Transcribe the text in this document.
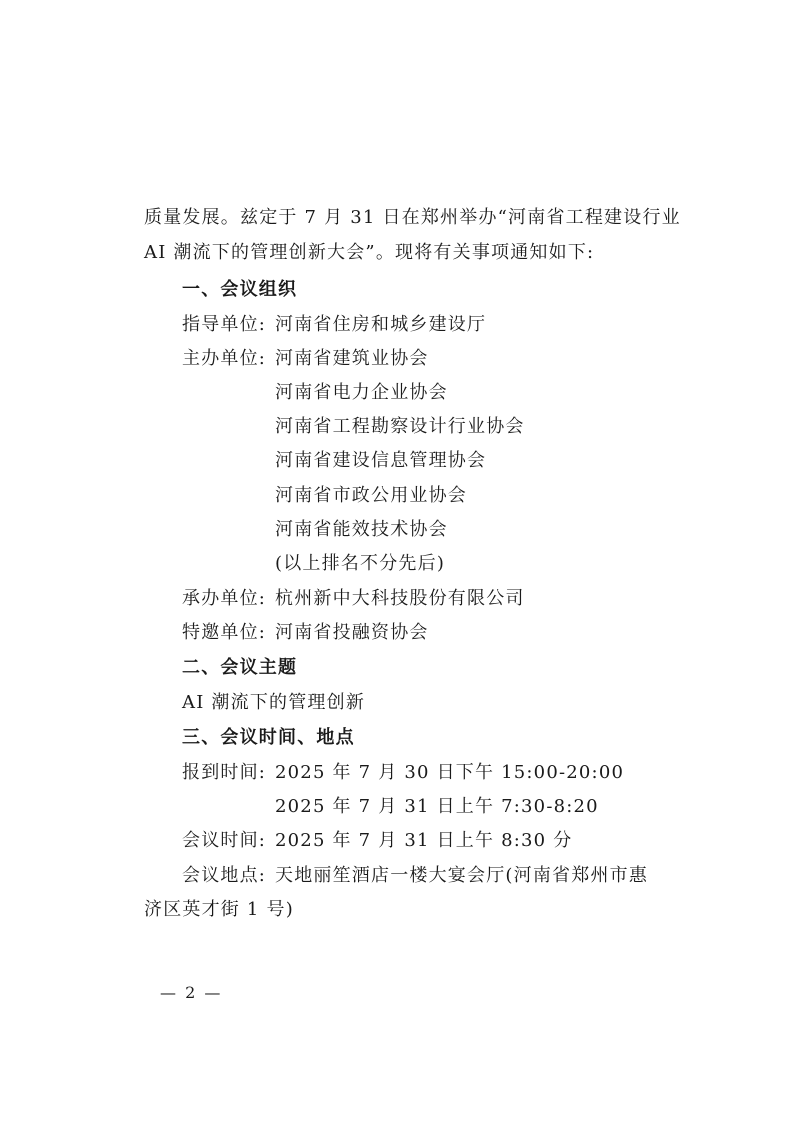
质量发展。兹定于 7 月 31 日在郑州举办“河南省工程建设行业
AI 潮流下的管理创新大会”。现将有关事项通知如下:
一、会议组织
指导单位: 河南省住房和城乡建设厅
主办单位: 河南省建筑业协会
河南省电力企业协会
河南省工程勘察设计行业协会
河南省建设信息管理协会
河南省市政公用业协会
河南省能效技术协会
(以上排名不分先后)
承办单位: 杭州新中大科技股份有限公司
特邀单位: 河南省投融资协会
二、会议主题
AI 潮流下的管理创新
三、会议时间、地点
报到时间: 2025 年 7 月 30 日下午 15:00-20:00
2025 年 7 月 31 日上午 7:30-8:20
会议时间: 2025 年 7 月 31 日上午 8:30 分
会议地点: 天地丽笙酒店一楼大宴会厅(河南省郑州市惠
济区英才街 1 号)
— 2 —
